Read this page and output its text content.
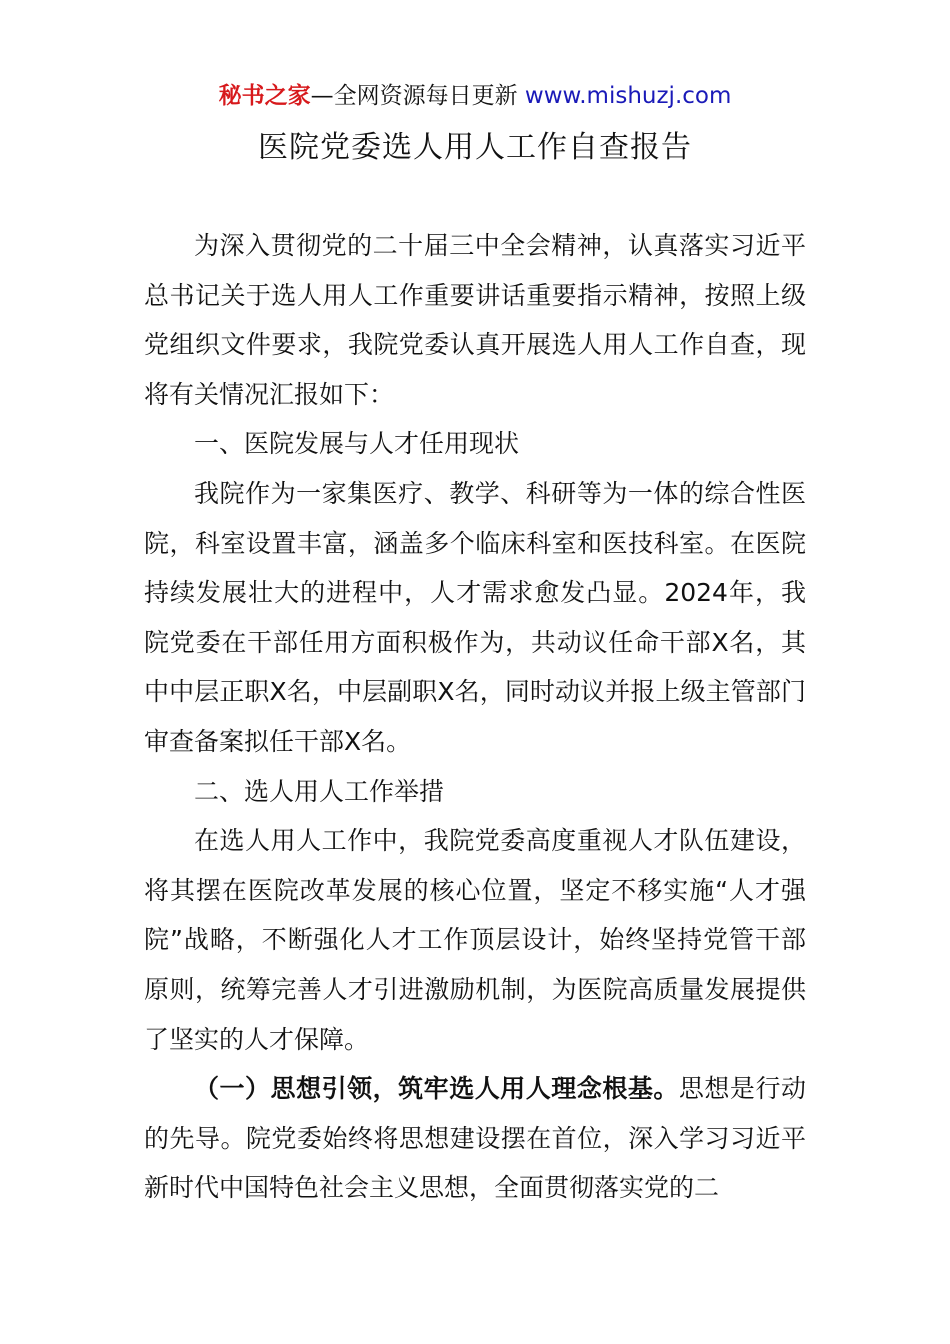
秘书之家—全网资源每日更新 www.mishuzj.com
医院党委选人用人工作自查报告

为深入贯彻党的二十届三中全会精神，认真落实习近平总书记关于选人用人工作重要讲话重要指示精神，按照上级党组织文件要求，我院党委认真开展选人用人工作自查，现将有关情况汇报如下：

一、医院发展与人才任用现状

我院作为一家集医疗、教学、科研等为一体的综合性医院，科室设置丰富，涵盖多个临床科室和医技科室。在医院持续发展壮大的进程中，人才需求愈发凸显。2024年，我院党委在干部任用方面积极作为，共动议任命干部X名，其中中层正职X名，中层副职X名，同时动议并报上级主管部门审查备案拟任干部X名。

二、选人用人工作举措

在选人用人工作中，我院党委高度重视人才队伍建设，将其摆在医院改革发展的核心位置，坚定不移实施“人才强院”战略，不断强化人才工作顶层设计，始终坚持党管干部原则，统筹完善人才引进激励机制，为医院高质量发展提供了坚实的人才保障。

（一）思想引领，筑牢选人用人理念根基。思想是行动的先导。院党委始终将思想建设摆在首位，深入学习习近平新时代中国特色社会主义思想，全面贯彻落实党的二
